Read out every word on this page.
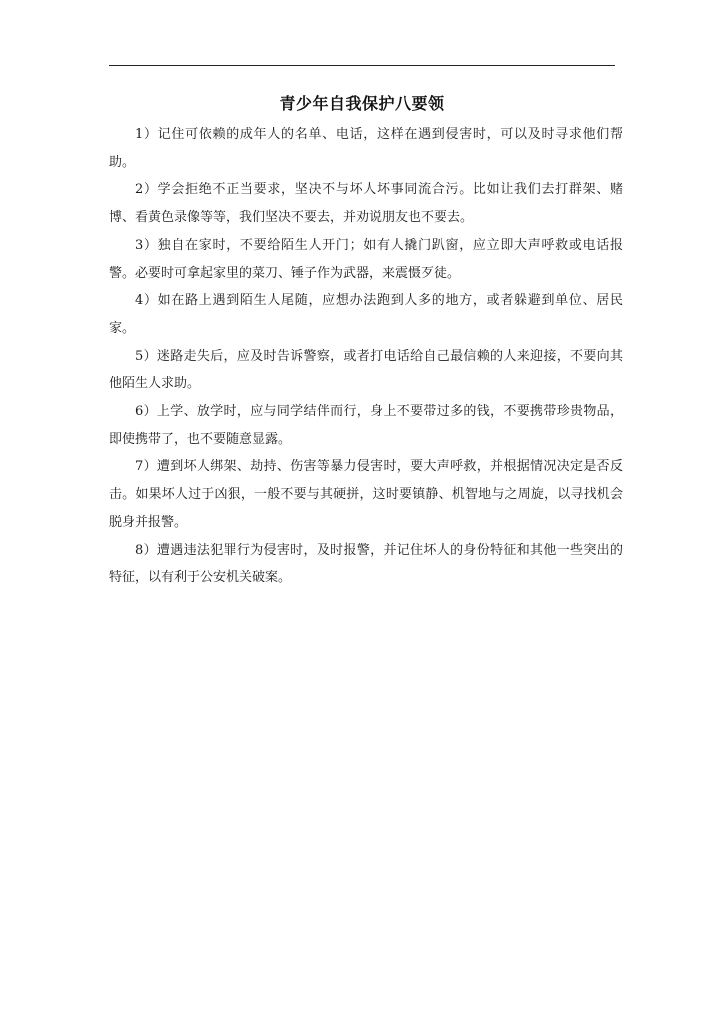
青少年自我保护八要领

1）记住可依赖的成年人的名单、电话，这样在遇到侵害时，可以及时寻求他们帮助。

2）学会拒绝不正当要求，坚决不与坏人坏事同流合污。比如让我们去打群架、赌博、看黄色录像等等，我们坚决不要去，并劝说朋友也不要去。

3）独自在家时，不要给陌生人开门；如有人撬门趴窗，应立即大声呼救或电话报警。必要时可拿起家里的菜刀、锤子作为武器，来震慑歹徒。

4）如在路上遇到陌生人尾随，应想办法跑到人多的地方，或者躲避到单位、居民家。

5）迷路走失后，应及时告诉警察，或者打电话给自己最信赖的人来迎接，不要向其他陌生人求助。

6）上学、放学时，应与同学结伴而行，身上不要带过多的钱，不要携带珍贵物品，即使携带了，也不要随意显露。

7）遭到坏人绑架、劫持、伤害等暴力侵害时，要大声呼救，并根据情况决定是否反击。如果坏人过于凶狠，一般不要与其硬拼，这时要镇静、机智地与之周旋，以寻找机会脱身并报警。

8）遭遇违法犯罪行为侵害时，及时报警，并记住坏人的身份特征和其他一些突出的特征，以有利于公安机关破案。
